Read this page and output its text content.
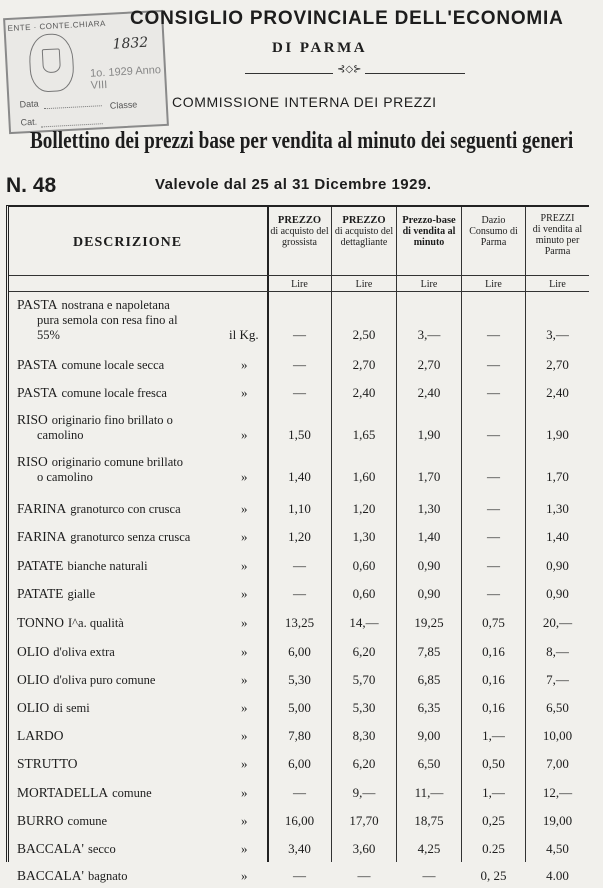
ENTE · CONTE.CHIARA
1832
1o. 1929 Anno VIII
Data
Cat.
Classe
CONSIGLIO PROVINCIALE DELL'ECONOMIA
DI PARMA
⊰◇⊱
COMMISSIONE INTERNA DEI PREZZI
Bollettino dei prezzi base per vendita al minuto dei seguenti generi
N. 48	Valevole dal 25 al 31 Dicembre 1929.
DESCRIZIONE
PREZZO
di acquisto del grossista
PREZZO
di acquisto del dettagliante
Prezzo-base
di vendita al minuto
Dazio
Consumo di Parma
PREZZI
di vendita al minuto per Parma
Lire	Lire	Lire	Lire	Lire
PASTA nostrana e napoletana
pura semola con resa fino al
55%	il Kg.	—	2,50	3,—	—	3,—
PASTA comune locale secca	»	—	2,70	2,70	—	2,70
PASTA comune locale fresca	»	—	2,40	2,40	—	2,40
RISO originario fino brillato o
camolino	»	1,50	1,65	1,90	—	1,90
RISO originario comune brillato
o camolino	»	1,40	1,60	1,70	—	1,70
FARINA granoturco con crusca	»	1,10	1,20	1,30	—	1,30
FARINA granoturco senza crusca	»	1,20	1,30	1,40	—	1,40
PATATE bianche naturali	»	—	0,60	0,90	—	0,90
PATATE gialle	»	—	0,60	0,90	—	0,90
TONNO I^a. qualità	»	13,25	14,—	19,25	0,75	20,—
OLIO d'oliva extra	»	6,00	6,20	7,85	0,16	8,—
OLIO d'oliva puro comune	»	5,30	5,70	6,85	0,16	7,—
OLIO di semi	»	5,00	5,30	6,35	0,16	6,50
LARDO	»	7,80	8,30	9,00	1,—	10,00
STRUTTO	»	6,00	6,20	6,50	0,50	7,00
MORTADELLA comune	»	—	9,—	11,—	1,—	12,—
BURRO comune	»	16,00	17,70	18,75	0,25	19,00
BACCALA' secco	»	3,40	3,60	4,25	0.25	4,50
BACCALA' bagnato	»	—	—	—	0, 25	4.00
